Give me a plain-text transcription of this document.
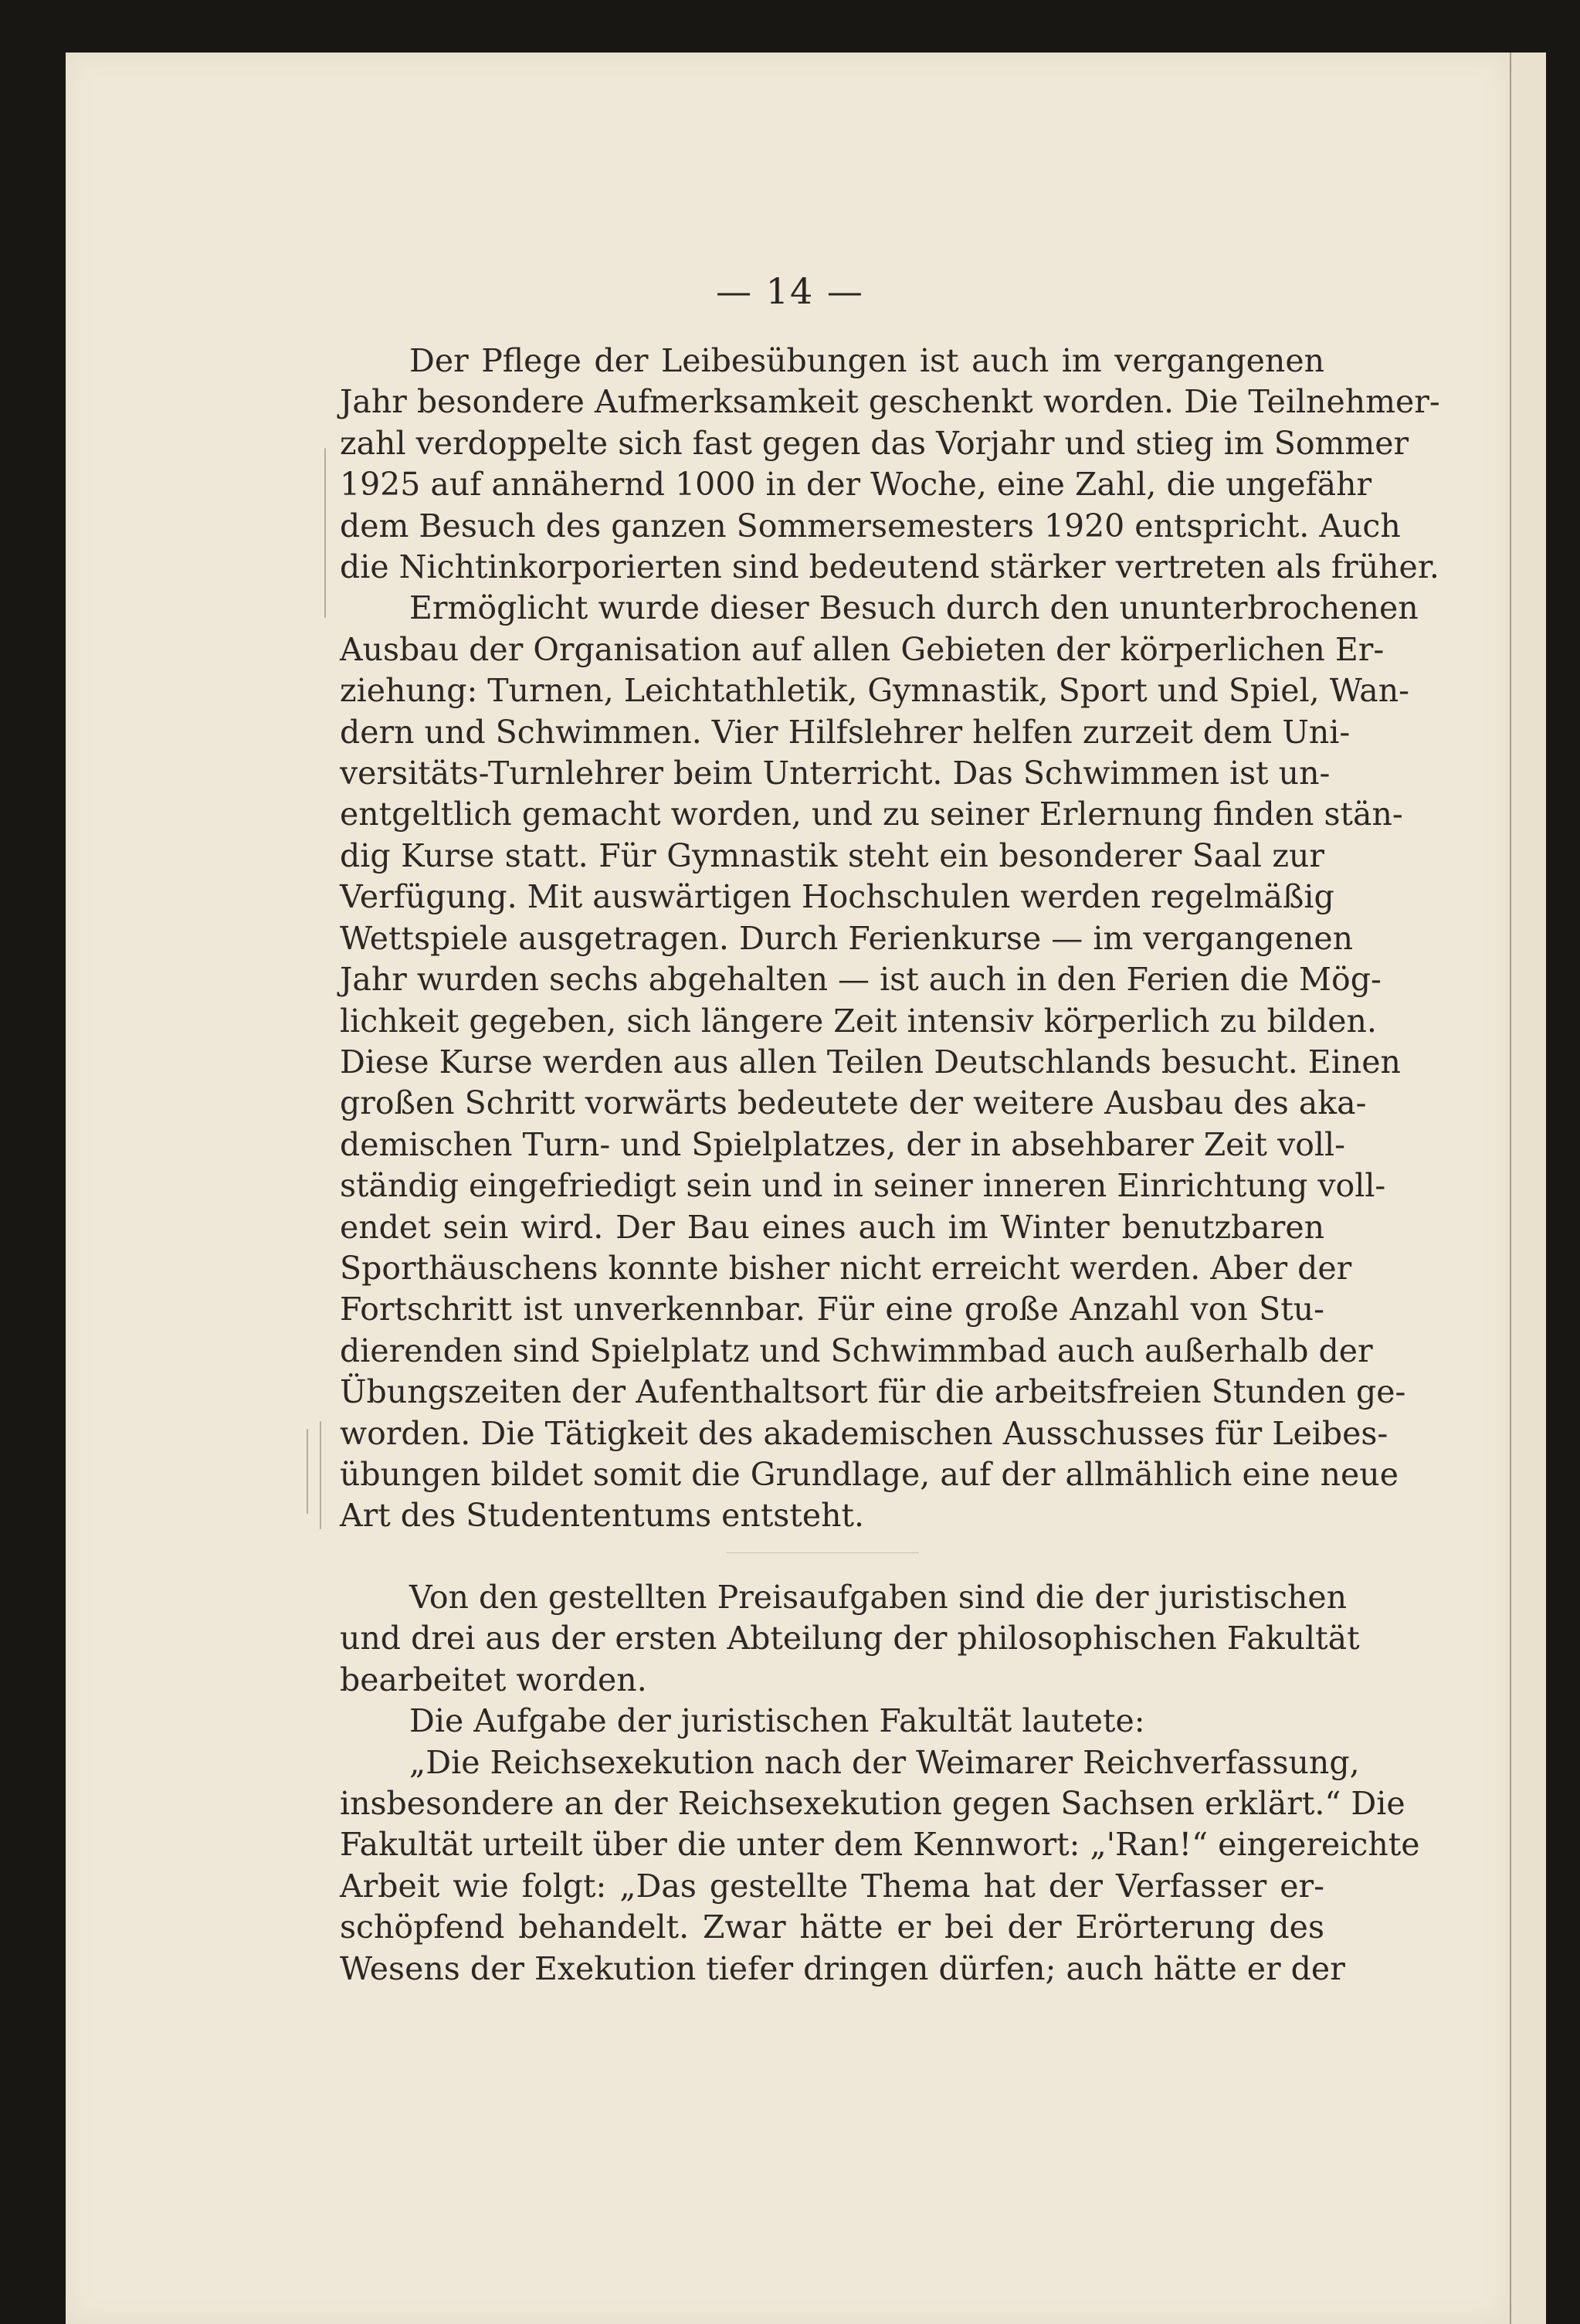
— 14 —
Der Pflege der Leibesübungen ist auch im vergangenen
Jahr besondere Aufmerksamkeit geschenkt worden. Die Teilnehmer-
zahl verdoppelte sich fast gegen das Vorjahr und stieg im Sommer
1925 auf annähernd 1000 in der Woche, eine Zahl, die ungefähr
dem Besuch des ganzen Sommersemesters 1920 entspricht. Auch
die Nichtinkorporierten sind bedeutend stärker vertreten als früher.
Ermöglicht wurde dieser Besuch durch den ununterbrochenen
Ausbau der Organisation auf allen Gebieten der körperlichen Er-
ziehung: Turnen, Leichtathletik, Gymnastik, Sport und Spiel, Wan-
dern und Schwimmen. Vier Hilfslehrer helfen zurzeit dem Uni-
versitäts-Turnlehrer beim Unterricht. Das Schwimmen ist un-
entgeltlich gemacht worden, und zu seiner Erlernung finden stän-
dig Kurse statt. Für Gymnastik steht ein besonderer Saal zur
Verfügung. Mit auswärtigen Hochschulen werden regelmäßig
Wettspiele ausgetragen. Durch Ferienkurse — im vergangenen
Jahr wurden sechs abgehalten — ist auch in den Ferien die Mög-
lichkeit gegeben, sich längere Zeit intensiv körperlich zu bilden.
Diese Kurse werden aus allen Teilen Deutschlands besucht. Einen
großen Schritt vorwärts bedeutete der weitere Ausbau des aka-
demischen Turn- und Spielplatzes, der in absehbarer Zeit voll-
ständig eingefriedigt sein und in seiner inneren Einrichtung voll-
endet sein wird. Der Bau eines auch im Winter benutzbaren
Sporthäuschens konnte bisher nicht erreicht werden. Aber der
Fortschritt ist unverkennbar. Für eine große Anzahl von Stu-
dierenden sind Spielplatz und Schwimmbad auch außerhalb der
Übungszeiten der Aufenthaltsort für die arbeitsfreien Stunden ge-
worden. Die Tätigkeit des akademischen Ausschusses für Leibes-
übungen bildet somit die Grundlage, auf der allmählich eine neue
Art des Studententums entsteht.
Von den gestellten Preisaufgaben sind die der juristischen
und drei aus der ersten Abteilung der philosophischen Fakultät
bearbeitet worden.
Die Aufgabe der juristischen Fakultät lautete:
„Die Reichsexekution nach der Weimarer Reichverfassung,
insbesondere an der Reichsexekution gegen Sachsen erklärt.“ Die
Fakultät urteilt über die unter dem Kennwort: „'Ran!“ eingereichte
Arbeit wie folgt: „Das gestellte Thema hat der Verfasser er-
schöpfend behandelt. Zwar hätte er bei der Erörterung des
Wesens der Exekution tiefer dringen dürfen; auch hätte er der
